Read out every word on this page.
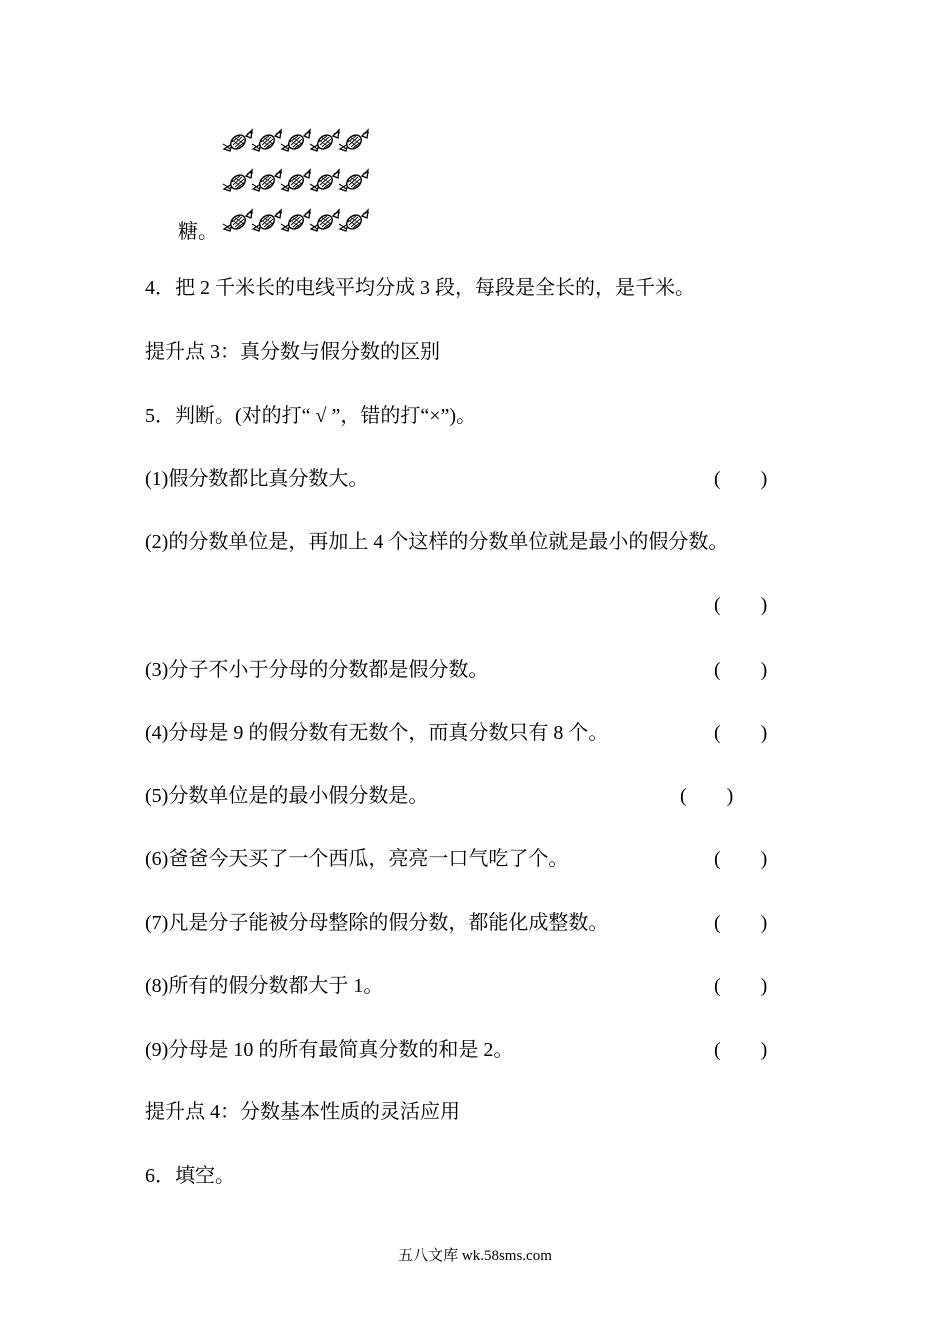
糖。
4．把 2 千米长的电线平均分成 3 段，每段是全长的，是千米。
提升点 3：真分数与假分数的区别
5．判断。(对的打“ √ ”，错的打“×”)。
(1)假分数都比真分数大。	( )
(2)的分数单位是，再加上 4 个这样的分数单位就是最小的假分数。
( )
(3)分子不小于分母的分数都是假分数。	( )
(4)分母是 9 的假分数有无数个，而真分数只有 8 个。	( )
(5)分数单位是的最小假分数是。	( )
(6)爸爸今天买了一个西瓜，亮亮一口气吃了个。	( )
(7)凡是分子能被分母整除的假分数，都能化成整数。	( )
(8)所有的假分数都大于 1。	( )
(9)分母是 10 的所有最简真分数的和是 2。	( )
提升点 4：分数基本性质的灵活应用
6．填空。
五八文库 wk.58sms.com
